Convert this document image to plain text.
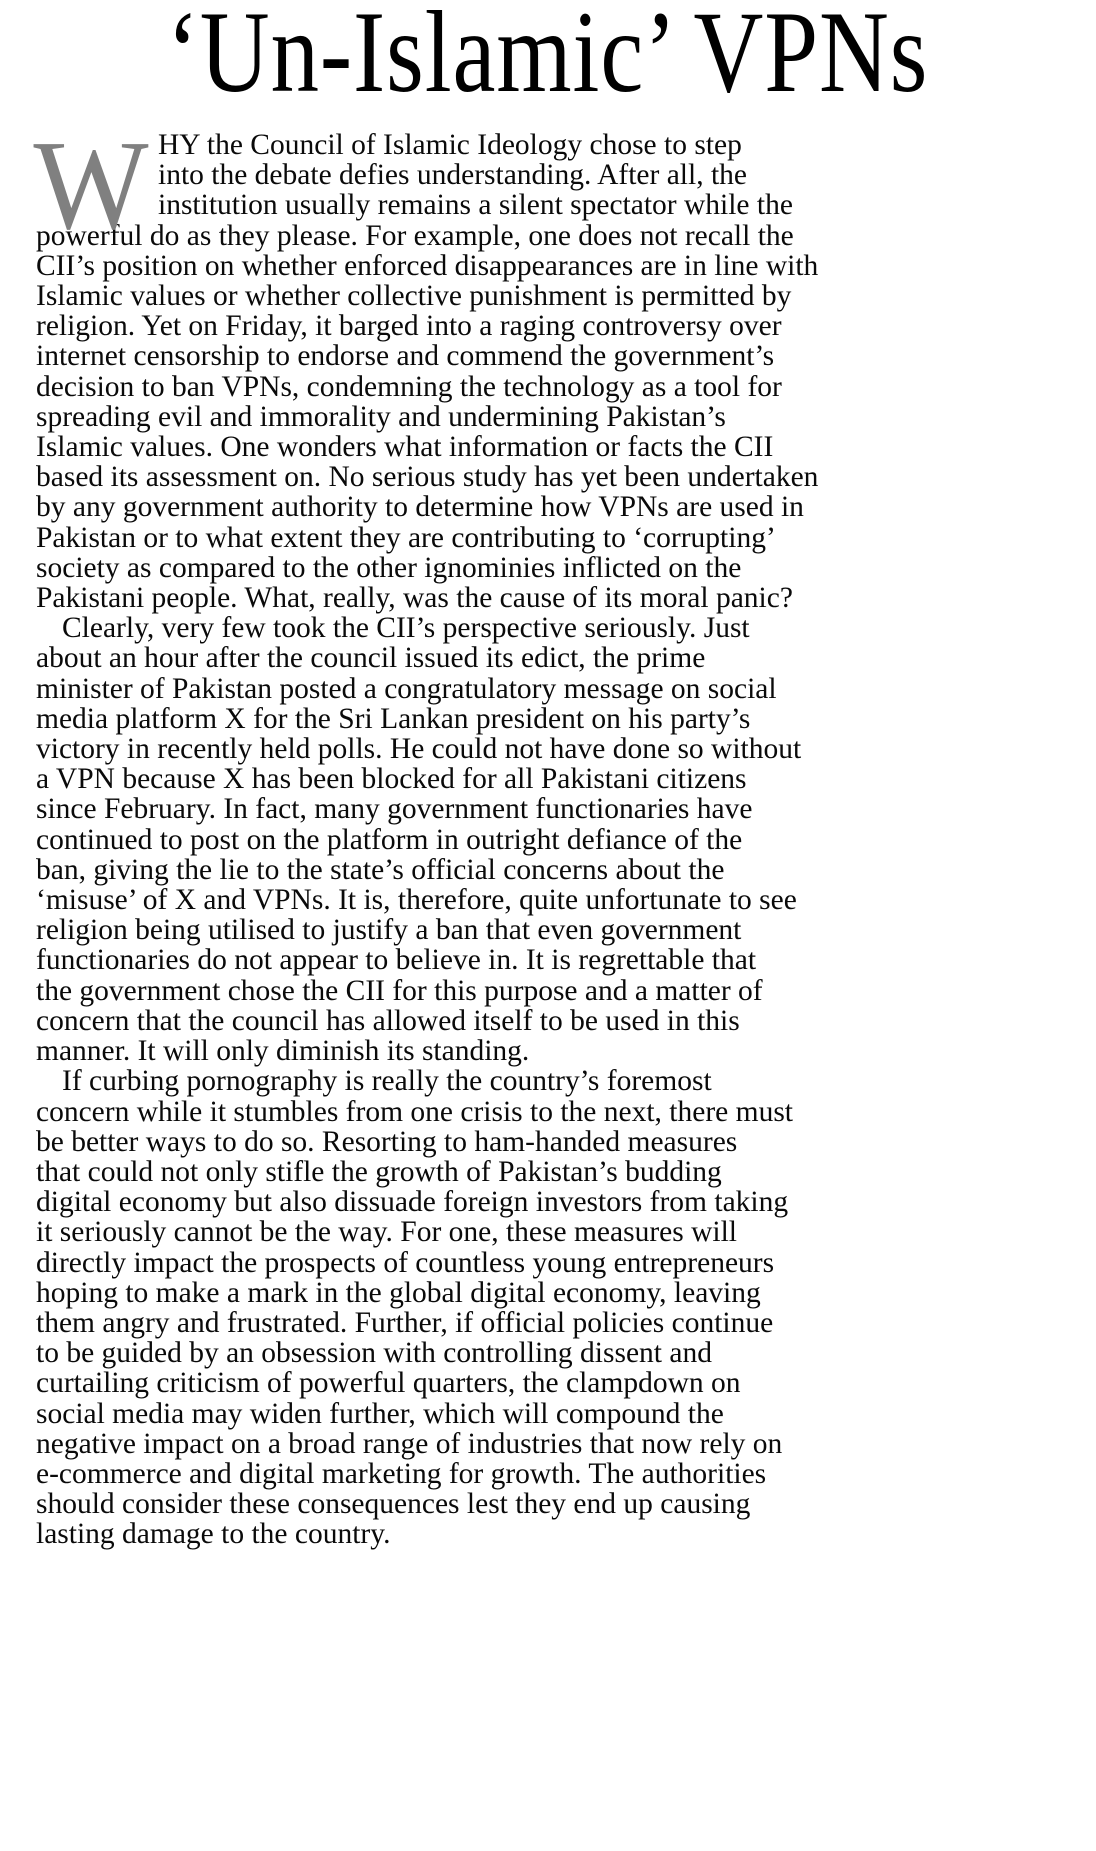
‘Un-Islamic’ VPNs

W HY the Council of Islamic Ideology chose to step
into the debate defies understanding. After all, the
institution usually remains a silent spectator while the
powerful do as they please. For example, one does not recall the
CII’s position on whether enforced disappearances are in line with
Islamic values or whether collective punishment is permitted by
religion. Yet on Friday, it barged into a raging controversy over
internet censorship to endorse and commend the government’s
decision to ban VPNs, condemning the technology as a tool for
spreading evil and immorality and undermining Pakistan’s
Islamic values. One wonders what information or facts the CII
based its assessment on. No serious study has yet been undertaken
by any government authority to determine how VPNs are used in
Pakistan or to what extent they are contributing to ‘corrupting’
society as compared to the other ignominies inflicted on the
Pakistani people. What, really, was the cause of its moral panic?

Clearly, very few took the CII’s perspective seriously. Just
about an hour after the council issued its edict, the prime
minister of Pakistan posted a congratulatory message on social
media platform X for the Sri Lankan president on his party’s
victory in recently held polls. He could not have done so without
a VPN because X has been blocked for all Pakistani citizens
since February. In fact, many government functionaries have
continued to post on the platform in outright defiance of the
ban, giving the lie to the state’s official concerns about the
‘misuse’ of X and VPNs. It is, therefore, quite unfortunate to see
religion being utilised to justify a ban that even government
functionaries do not appear to believe in. It is regrettable that
the government chose the CII for this purpose and a matter of
concern that the council has allowed itself to be used in this
manner. It will only diminish its standing.

If curbing pornography is really the country’s foremost
concern while it stumbles from one crisis to the next, there must
be better ways to do so. Resorting to ham-handed measures
that could not only stifle the growth of Pakistan’s budding
digital economy but also dissuade foreign investors from taking
it seriously cannot be the way. For one, these measures will
directly impact the prospects of countless young entrepreneurs
hoping to make a mark in the global digital economy, leaving
them angry and frustrated. Further, if official policies continue
to be guided by an obsession with controlling dissent and
curtailing criticism of powerful quarters, the clampdown on
social media may widen further, which will compound the
negative impact on a broad range of industries that now rely on
e-commerce and digital marketing for growth. The authorities
should consider these consequences lest they end up causing
lasting damage to the country.
